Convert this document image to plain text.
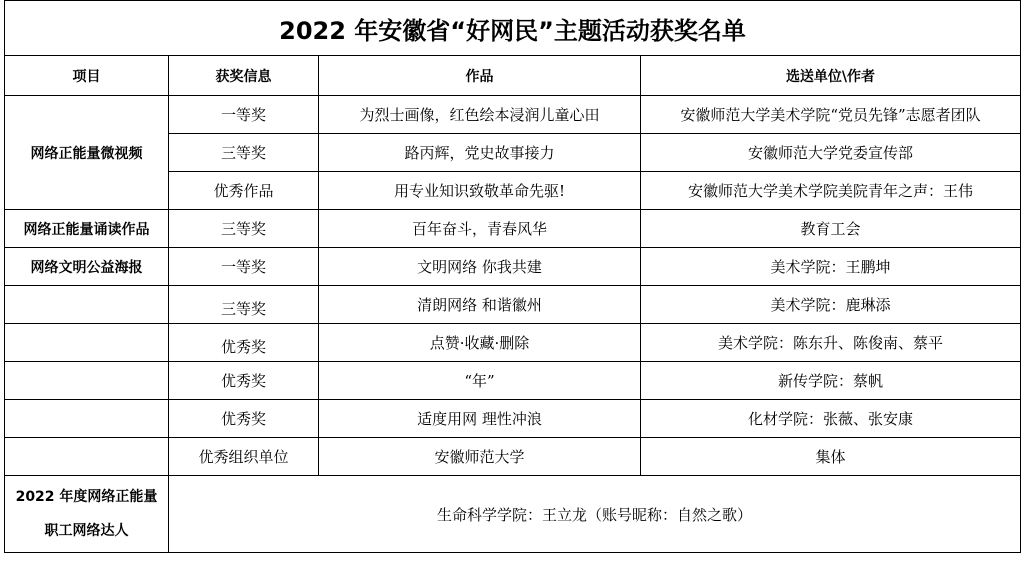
2022 年安徽省“好网民”主题活动获奖名单			
项目	获奖信息	作品	选送单位\作者
网络正能量微视频	一等奖	为烈士画像，红色绘本浸润儿童心田	安徽师范大学美术学院“党员先锋”志愿者团队
	三等奖	路丙辉，党史故事接力	安徽师范大学党委宣传部
	优秀作品	用专业知识致敬革命先驱!	安徽师范大学美术学院美院青年之声：王伟
网络正能量诵读作品	三等奖	百年奋斗，青春风华	教育工会
网络文明公益海报	一等奖	文明网络 你我共建	美术学院：王鹏坤
	三等奖	清朗网络 和谐徽州	美术学院：鹿琳添
	优秀奖	点赞·收藏·删除	美术学院：陈东升、陈俊南、蔡平
	优秀奖	“年”	新传学院：蔡帆
	优秀奖	适度用网 理性冲浪	化材学院：张薇、张安康
	优秀组织单位	安徽师范大学	集体
2022 年度网络正能量
职工网络达人	生命科学学院：王立龙（账号昵称：自然之歌）		
